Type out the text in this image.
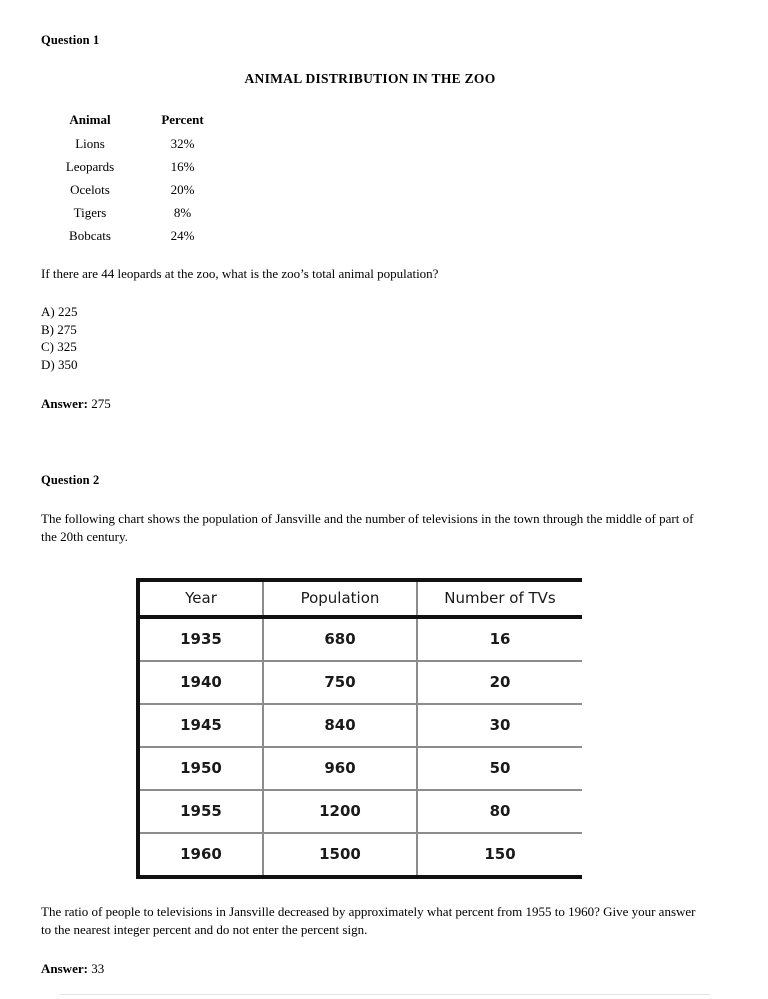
Question 1
ANIMAL DISTRIBUTION IN THE ZOO
Animal	Percent
Lions	32%
Leopards	16%
Ocelots	20%
Tigers	8%
Bobcats	24%
If there are 44 leopards at the zoo, what is the zoo’s total animal population?
A) 225
B) 275
C) 325
D) 350
Answer: 275
Question 2
The following chart shows the population of Jansville and the number of televisions in the town through the middle of part of the 20th century.
Year	Population	Number of TVs
1935	680	16
1940	750	20
1945	840	30
1950	960	50
1955	1200	80
1960	1500	150
The ratio of people to televisions in Jansville decreased by approximately what percent from 1955 to 1960? Give your answer to the nearest integer percent and do not enter the percent sign.
Answer: 33
